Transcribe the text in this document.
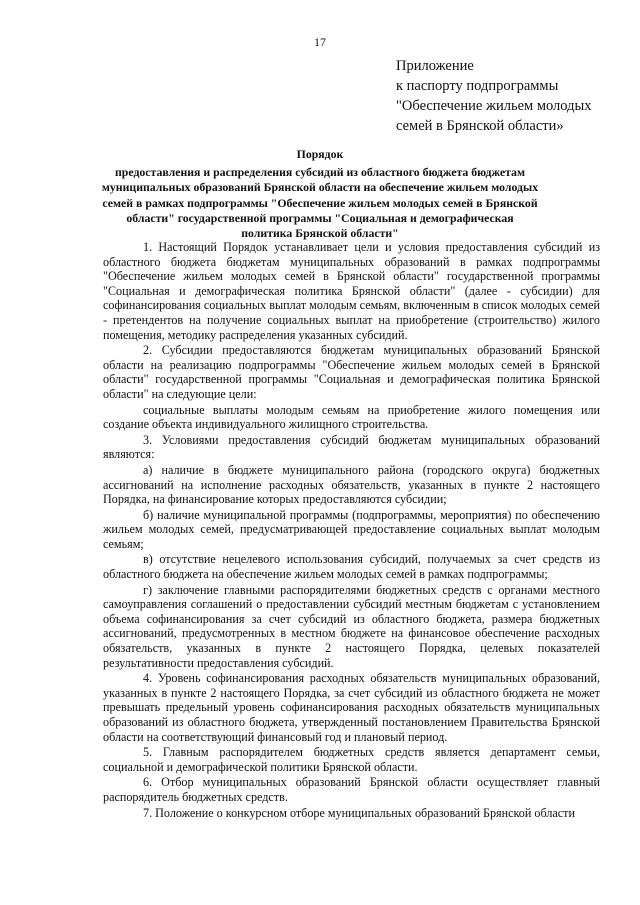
17
Приложение
к паспорту подпрограммы
"Обеспечение жильем молодых
семей в Брянской области»
Порядок
предоставления и распределения субсидий из областного бюджета бюджетам муниципальных образований Брянской области на обеспечение жильем молодых семей в рамках подпрограммы "Обеспечение жильем молодых семей в Брянской области" государственной программы "Социальная и демографическая политика Брянской области"

1. Настоящий Порядок устанавливает цели и условия предоставления субсидий из областного бюджета бюджетам муниципальных образований в рамках подпрограммы "Обеспечение жильем молодых семей в Брянской области" государственной программы "Социальная и демографическая политика Брянской области" (далее - субсидии) для софинансирования социальных выплат молодым семьям, включенным в список молодых семей - претендентов на получение социальных выплат на приобретение (строительство) жилого помещения, методику распределения указанных субсидий.

2. Субсидии предоставляются бюджетам муниципальных образований Брянской области на реализацию подпрограммы "Обеспечение жильем молодых семей в Брянской области" государственной программы "Социальная и демографическая политика Брянской области" на следующие цели:

социальные выплаты молодым семьям на приобретение жилого помещения или создание объекта индивидуального жилищного строительства.

3. Условиями предоставления субсидий бюджетам муниципальных образований являются:

а) наличие в бюджете муниципального района (городского округа) бюджетных ассигнований на исполнение расходных обязательств, указанных в пункте 2 настоящего Порядка, на финансирование которых предоставляются субсидии;

б) наличие муниципальной программы (подпрограммы, мероприятия) по обеспечению жильем молодых семей, предусматривающей предоставление социальных выплат молодым семьям;

в) отсутствие нецелевого использования субсидий, получаемых за счет средств из областного бюджета на обеспечение жильем молодых семей в рамках подпрограммы;

г) заключение главными распорядителями бюджетных средств с органами местного самоуправления соглашений о предоставлении субсидий местным бюджетам с установлением объема софинансирования за счет субсидий из областного бюджета, размера бюджетных ассигнований, предусмотренных в местном бюджете на финансовое обеспечение расходных обязательств, указанных в пункте 2 настоящего Порядка, целевых показателей результативности предоставления субсидий.

4. Уровень софинансирования расходных обязательств муниципальных образований, указанных в пункте 2 настоящего Порядка, за счет субсидий из областного бюджета не может превышать предельный уровень софинансирования расходных обязательств муниципальных образований из областного бюджета, утвержденный постановлением Правительства Брянской области на соответствующий финансовый год и плановый период.

5. Главным распорядителем бюджетных средств является департамент семьи, социальной и демографической политики Брянской области.

6. Отбор муниципальных образований Брянской области осуществляет главный распорядитель бюджетных средств.

7. Положение о конкурсном отборе муниципальных образований Брянской области
